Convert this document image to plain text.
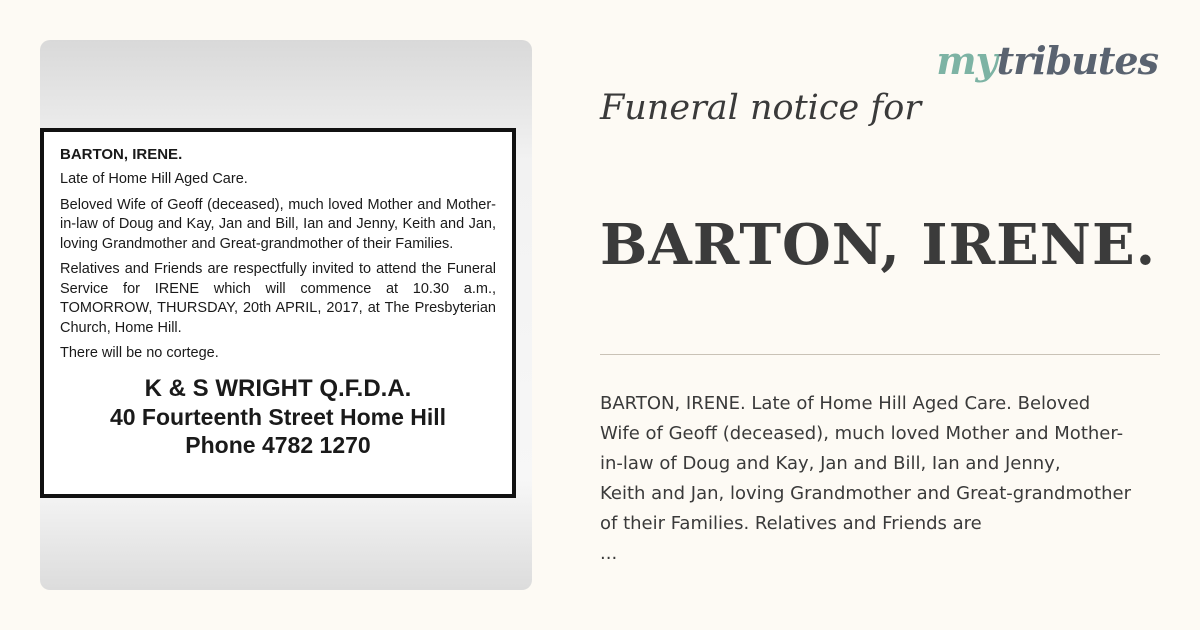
BARTON, IRENE.

Late of Home Hill Aged Care.

Beloved Wife of Geoff (deceased), much loved Mother and Mother-in-law of Doug and Kay, Jan and Bill, Ian and Jenny, Keith and Jan, loving Grandmother and Great-grandmother of their Families.

Relatives and Friends are respectfully invited to attend the Funeral Service for IRENE which will commence at 10.30 a.m., TOMORROW, THURSDAY, 20th APRIL, 2017, at The Presbyterian Church, Home Hill.

There will be no cortege.

K & S WRIGHT Q.F.D.A.
40 Fourteenth Street Home Hill
Phone 4782 1270
mytributes
Funeral notice for
BARTON, IRENE.
BARTON, IRENE. Late of Home Hill Aged Care. Beloved
Wife of Geoff (deceased), much loved Mother and Mother-
in-law of Doug and Kay, Jan and Bill, Ian and Jenny,
Keith and Jan, loving Grandmother and Great-grandmother
of their Families. Relatives and Friends are
...
